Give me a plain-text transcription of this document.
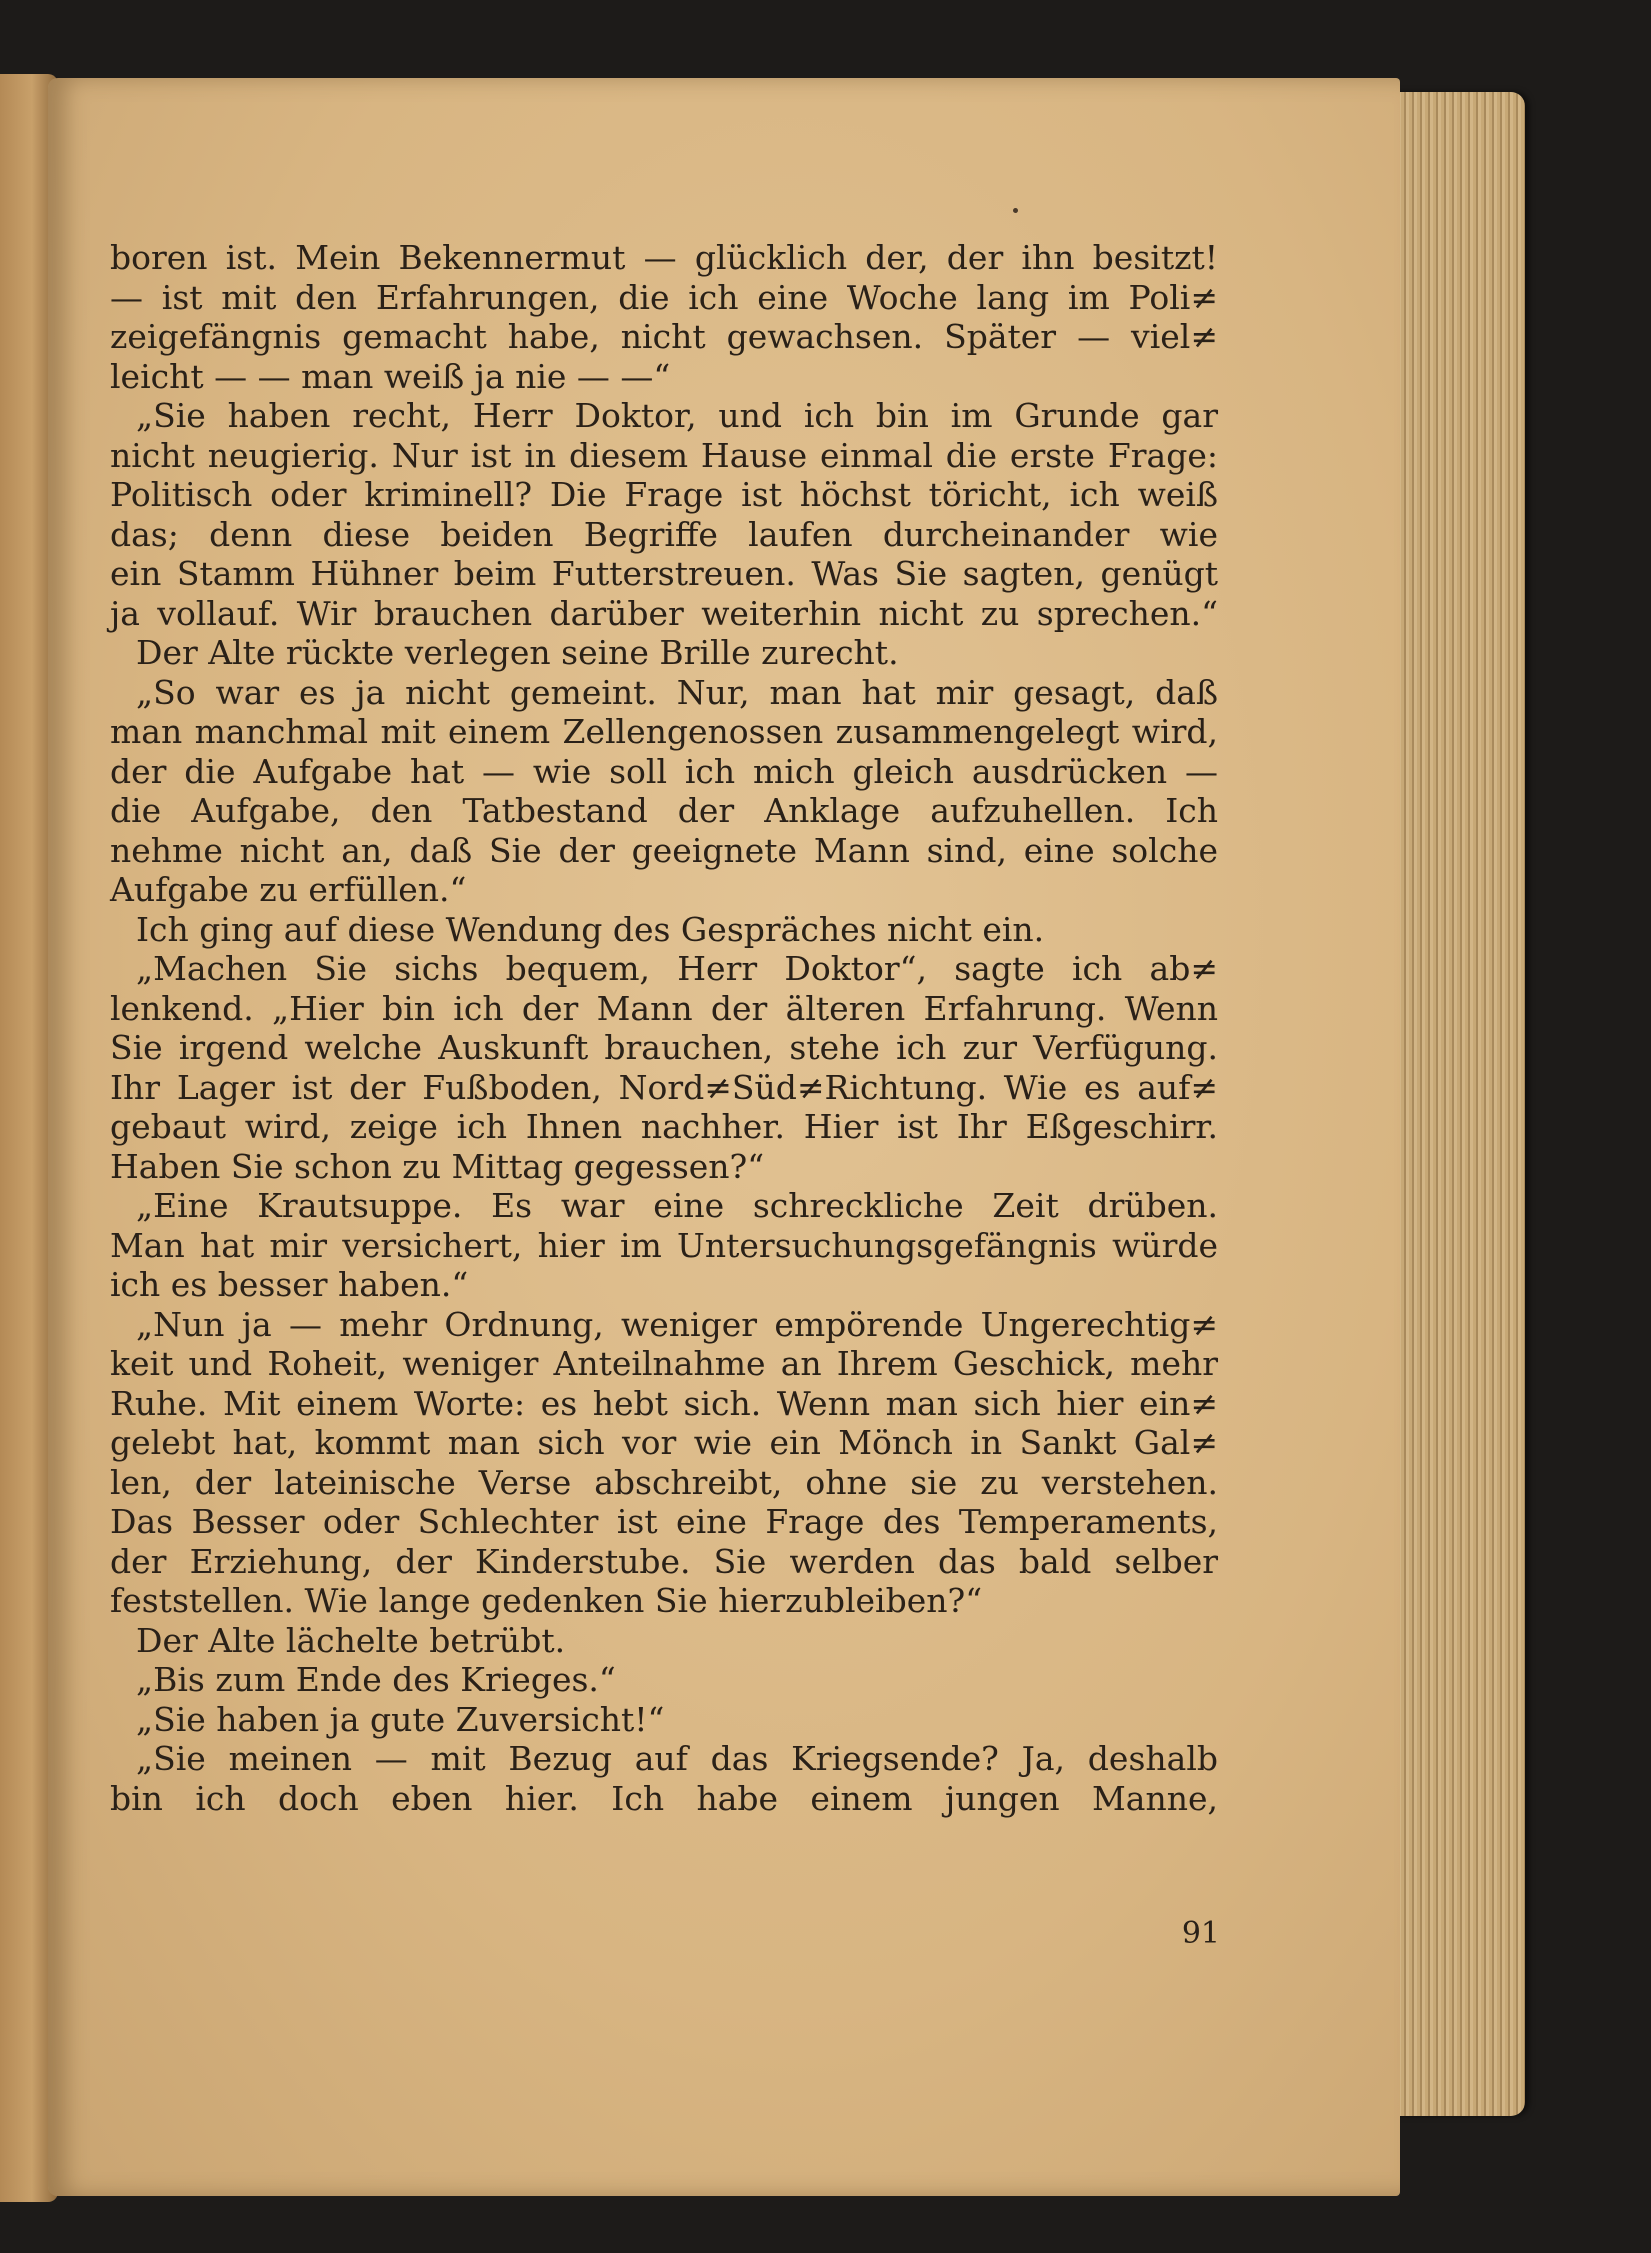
boren ist. Mein Bekennermut — glücklich der, der ihn besitzt!
— ist mit den Erfahrungen, die ich eine Woche lang im Poli≠
zeigefängnis gemacht habe, nicht gewachsen. Später — viel≠
leicht — — man weiß ja nie — —“
„Sie haben recht, Herr Doktor, und ich bin im Grunde gar
nicht neugierig. Nur ist in diesem Hause einmal die erste Frage:
Politisch oder kriminell? Die Frage ist höchst töricht, ich weiß
das; denn diese beiden Begriffe laufen durcheinander wie
ein Stamm Hühner beim Futterstreuen. Was Sie sagten, genügt
ja vollauf. Wir brauchen darüber weiterhin nicht zu sprechen.“
Der Alte rückte verlegen seine Brille zurecht.
„So war es ja nicht gemeint. Nur, man hat mir gesagt, daß
man manchmal mit einem Zellengenossen zusammengelegt wird,
der die Aufgabe hat — wie soll ich mich gleich ausdrücken —
die Aufgabe, den Tatbestand der Anklage aufzuhellen. Ich
nehme nicht an, daß Sie der geeignete Mann sind, eine solche
Aufgabe zu erfüllen.“
Ich ging auf diese Wendung des Gespräches nicht ein.
„Machen Sie sichs bequem, Herr Doktor“, sagte ich ab≠
lenkend. „Hier bin ich der Mann der älteren Erfahrung. Wenn
Sie irgend welche Auskunft brauchen, stehe ich zur Verfügung.
Ihr Lager ist der Fußboden, Nord≠Süd≠Richtung. Wie es auf≠
gebaut wird, zeige ich Ihnen nachher. Hier ist Ihr Eßgeschirr.
Haben Sie schon zu Mittag gegessen?“
„Eine Krautsuppe. Es war eine schreckliche Zeit drüben.
Man hat mir versichert, hier im Untersuchungsgefängnis würde
ich es besser haben.“
„Nun ja — mehr Ordnung, weniger empörende Ungerechtig≠
keit und Roheit, weniger Anteilnahme an Ihrem Geschick, mehr
Ruhe. Mit einem Worte: es hebt sich. Wenn man sich hier ein≠
gelebt hat, kommt man sich vor wie ein Mönch in Sankt Gal≠
len, der lateinische Verse abschreibt, ohne sie zu verstehen.
Das Besser oder Schlechter ist eine Frage des Temperaments,
der Erziehung, der Kinderstube. Sie werden das bald selber
feststellen. Wie lange gedenken Sie hierzubleiben?“
Der Alte lächelte betrübt.
„Bis zum Ende des Krieges.“
„Sie haben ja gute Zuversicht!“
„Sie meinen — mit Bezug auf das Kriegsende? Ja, deshalb
bin ich doch eben hier. Ich habe einem jungen Manne,
91
